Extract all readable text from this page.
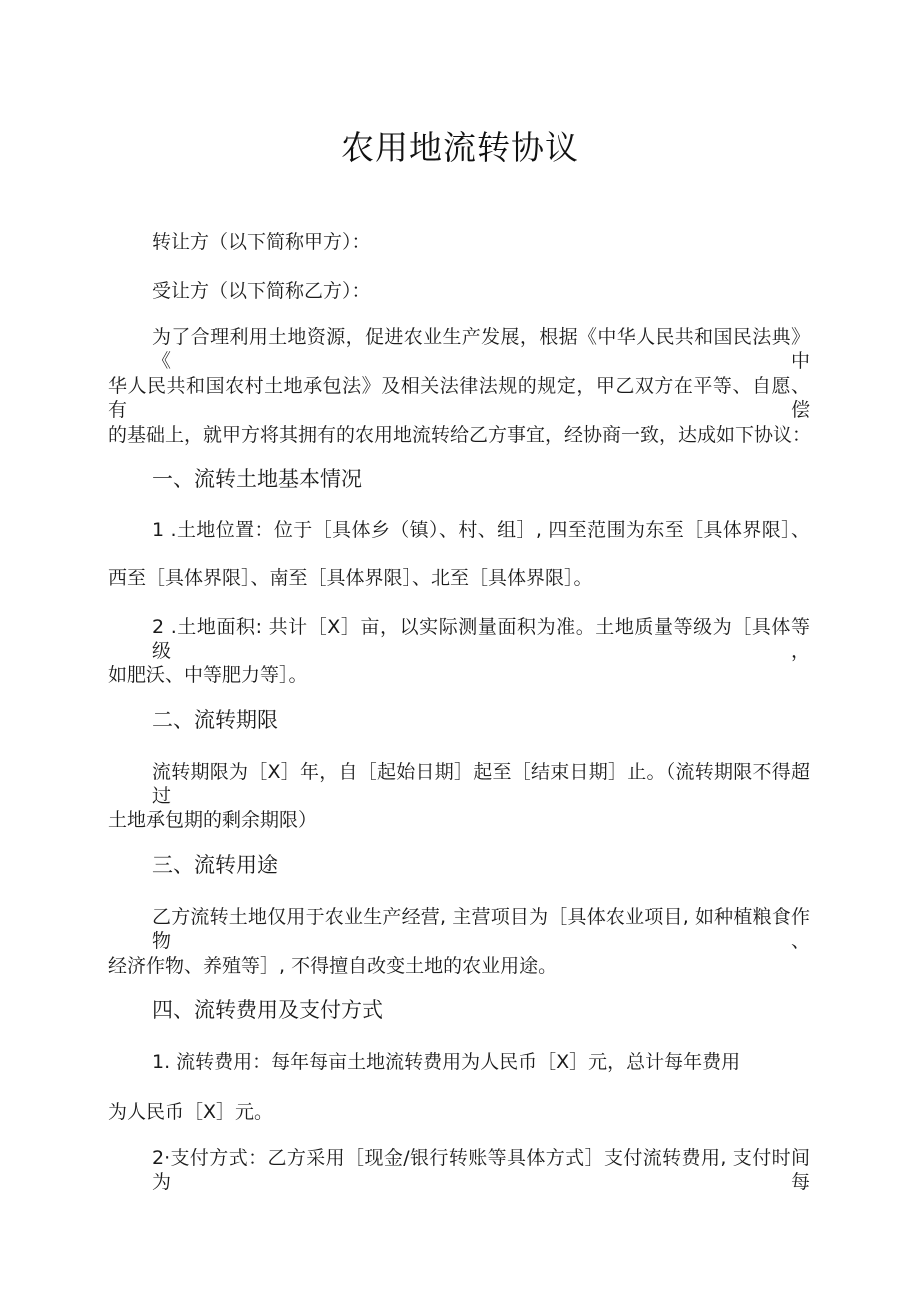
农用地流转协议

转让方（以下简称甲方）：

受让方（以下简称乙方）：

为了合理利用土地资源，促进农业生产发展，根据《中华人民共和国民法典》《中

华人民共和国农村土地承包法》及相关法律法规的规定，甲乙双方在平等、自愿、有偿

的基础上，就甲方将其拥有的农用地流转给乙方事宜，经协商一致，达成如下协议：

一、流转土地基本情况

1 .土地位置：位于［具体乡（镇）、村、组］, 四至范围为东至［具体界限］、

西至［具体界限］、南至［具体界限］、北至［具体界限］。

2 .土地面积: 共计［X］亩，以实际测量面积为准。土地质量等级为［具体等级，

如肥沃、中等肥力等］。

二、流转期限

流转期限为［X］年，自［起始日期］起至［结束日期］止。（流转期限不得超过

土地承包期的剩余期限）

三、流转用途

乙方流转土地仅用于农业生产经营, 主营项目为［具体农业项目, 如种植粮食作物、

经济作物、养殖等］, 不得擅自改变土地的农业用途。

四、流转费用及支付方式

1. 流转费用：每年每亩土地流转费用为人民币［X］元，总计每年费用

为人民币［X］元。

2·支付方式：乙方采用［现金/银行转账等具体方式］支付流转费用, 支付时间为每
